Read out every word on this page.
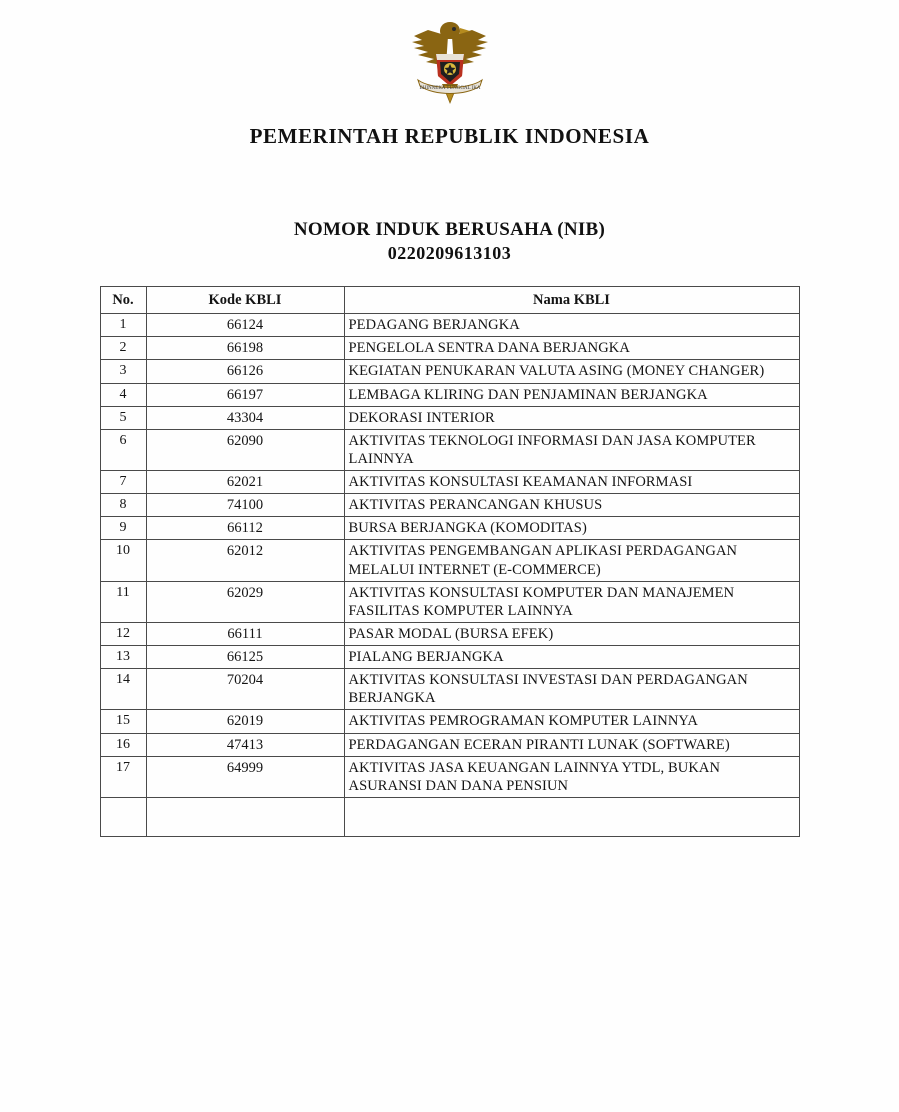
BHINNEKA TUNGGAL IKA
PEMERINTAH REPUBLIK INDONESIA
NOMOR INDUK BERUSAHA (NIB)
0220209613103
No.	Kode KBLI	Nama KBLI
1	66124	PEDAGANG BERJANGKA
2	66198	PENGELOLA SENTRA DANA BERJANGKA
3	66126	KEGIATAN PENUKARAN VALUTA ASING (MONEY CHANGER)
4	66197	LEMBAGA KLIRING DAN PENJAMINAN BERJANGKA
5	43304	DEKORASI INTERIOR
6	62090	AKTIVITAS TEKNOLOGI INFORMASI DAN JASA KOMPUTER LAINNYA
7	62021	AKTIVITAS KONSULTASI KEAMANAN INFORMASI
8	74100	AKTIVITAS PERANCANGAN KHUSUS
9	66112	BURSA BERJANGKA (KOMODITAS)
10	62012	AKTIVITAS PENGEMBANGAN APLIKASI PERDAGANGAN MELALUI INTERNET (E-COMMERCE)
11	62029	AKTIVITAS KONSULTASI KOMPUTER DAN MANAJEMEN FASILITAS KOMPUTER LAINNYA
12	66111	PASAR MODAL (BURSA EFEK)
13	66125	PIALANG BERJANGKA
14	70204	AKTIVITAS KONSULTASI INVESTASI DAN PERDAGANGAN BERJANGKA
15	62019	AKTIVITAS PEMROGRAMAN KOMPUTER LAINNYA
16	47413	PERDAGANGAN ECERAN PIRANTI LUNAK (SOFTWARE)
17	64999	AKTIVITAS JASA KEUANGAN LAINNYA YTDL, BUKAN ASURANSI DAN DANA PENSIUN
